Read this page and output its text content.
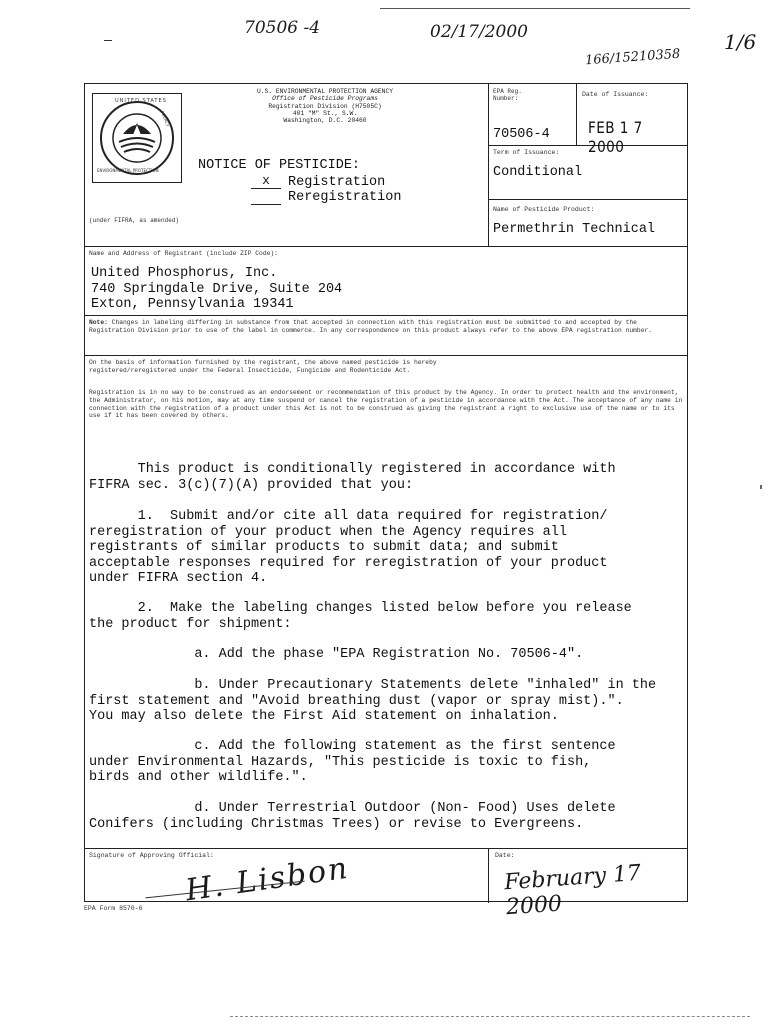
70506 -4	02/17/2000
166/15210358
1/6
UNITED STATES
ENVIRONMENTAL PROTECTION
AGENCY
U.S. ENVIRONMENTAL PROTECTION AGENCY
Office of Pesticide Programs
Registration Division (H7505C)
401 "M" St., S.W.
Washington, D.C. 20460
NOTICE OF PESTICIDE:
x	Registration
Reregistration
(under FIFRA, as amended)
EPA Reg. Number:
70506-4
Date of Issuance:
FEB 1 7 2000
Term of Issuance:
Conditional
Name of Pesticide Product:
Permethrin Technical
Name and Address of Registrant (include ZIP Code):
United Phosphorus, Inc.
740 Springdale Drive, Suite 204
Exton, Pennsylvania 19341
Note: Changes in labeling differing in substance from that accepted in connection with this registration must be submitted to and accepted by the Registration Division prior to use of the label in commerce. In any correspondence on this product always refer to the above EPA registration number.
On the basis of information furnished by the registrant, the above named pesticide is hereby registered/reregistered under the Federal Insecticide, Fungicide and Rodenticide Act.
Registration is in no way to be construed as an endorsement or recommendation of this product by the Agency. In order to protect health and the environment, the Administrator, on his motion, may at any time suspend or cancel the registration of a pesticide in accordance with the Act. The acceptance of any name in connection with the registration of a product under this Act is not to be construed as giving the registrant a right to exclusive use of the name or to its use if it has been covered by others.
This product is conditionally registered in accordance with
FIFRA sec. 3(c)(7)(A) provided that you:
1.  Submit and/or cite all data required for registration/
reregistration of your product when the Agency requires all
registrants of similar products to submit data; and submit
acceptable responses required for reregistration of your product
under FIFRA section 4.
2.  Make the labeling changes listed below before you release
the product for shipment:
a. Add the phase "EPA Registration No. 70506-4".
b. Under Precautionary Statements delete "inhaled" in the
first statement and "Avoid breathing dust (vapor or spray mist).".
You may also delete the First Aid statement on inhalation.
c. Add the following statement as the first sentence
under Environmental Hazards, "This pesticide is toxic to fish,
birds and other wildlife.".
d. Under Terrestrial Outdoor (Non- Food) Uses delete
Conifers (including Christmas Trees) or revise to Evergreens.
Signature of Approving Official:	Date:
H. Lisbon	February 17 2000
EPA Form 8570-6
